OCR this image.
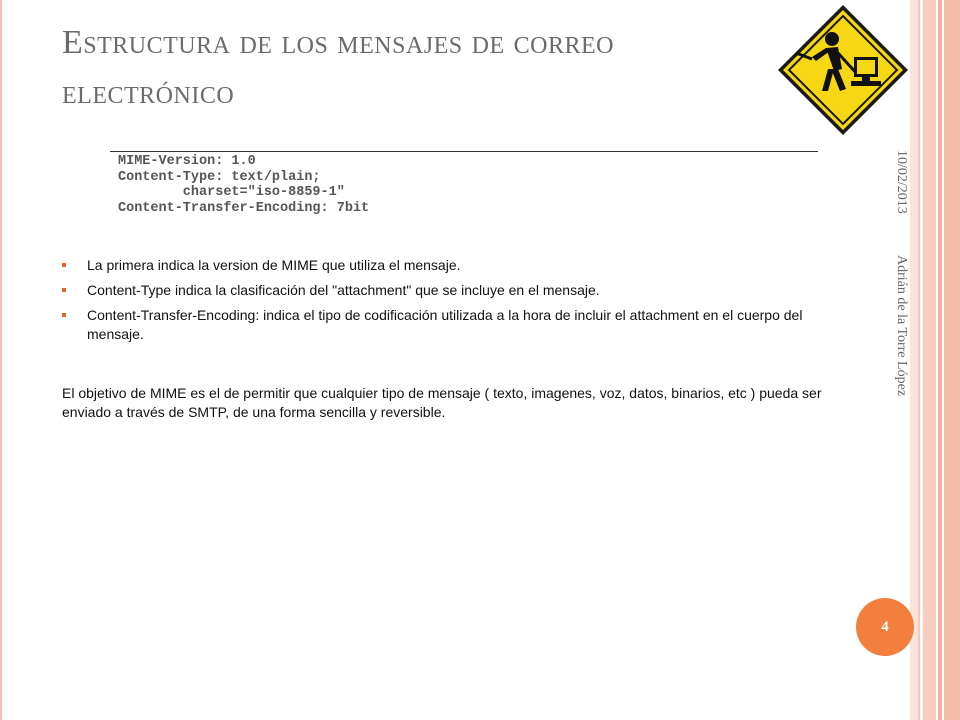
Estructura de los mensajes de correo
electrónico
MIME-Version: 1.0
Content-Type: text/plain;
charset="iso-8859-1"
Content-Transfer-Encoding: 7bit
La primera indica la version de MIME que utiliza el mensaje.
Content-Type indica la clasificación del "attachment" que se incluye en el mensaje.
Content-Transfer-Encoding: indica el tipo de codificación utilizada a la hora de incluir el attachment en el cuerpo del mensaje.

El objetivo de MIME es el de permitir que cualquier tipo de mensaje ( texto, imagenes, voz, datos, binarios, etc ) pueda ser enviado a través de SMTP, de una forma sencilla y reversible.

10/02/2013
Adrián de la Torre López
4
